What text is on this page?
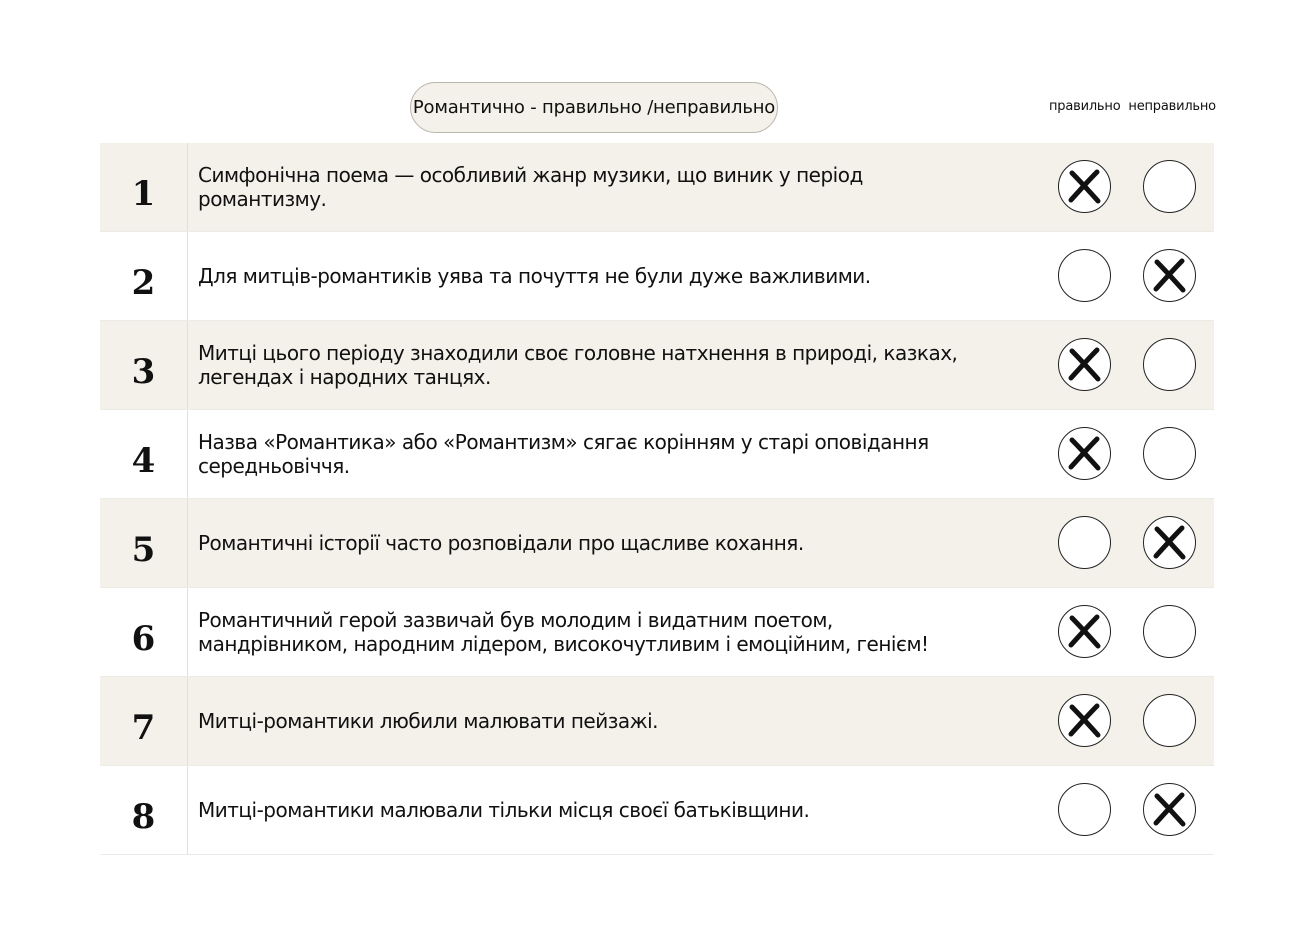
Романтично - правильно /неправильно	правильно неправильно
1	Симфонічна поема — особливий жанр музики, що виник у період романтизму.
2	Для митців-романтиків уява та почуття не були дуже важливими.
3	Митці цього періоду знаходили своє головне натхнення в природі, казках, легендах і народних танцях.
4	Назва «Романтика» або «Романтизм» сягає корінням у старі оповідання середньовіччя.
5	Романтичні історії часто розповідали про щасливе кохання.
6	Романтичний герой зазвичай був молодим і видатним поетом, мандрівником, народним лідером, високочутливим і емоційним, генієм!
7	Митці-романтики любили малювати пейзажі.
8	Митці-романтики малювали тільки місця своєї батьківщини.
